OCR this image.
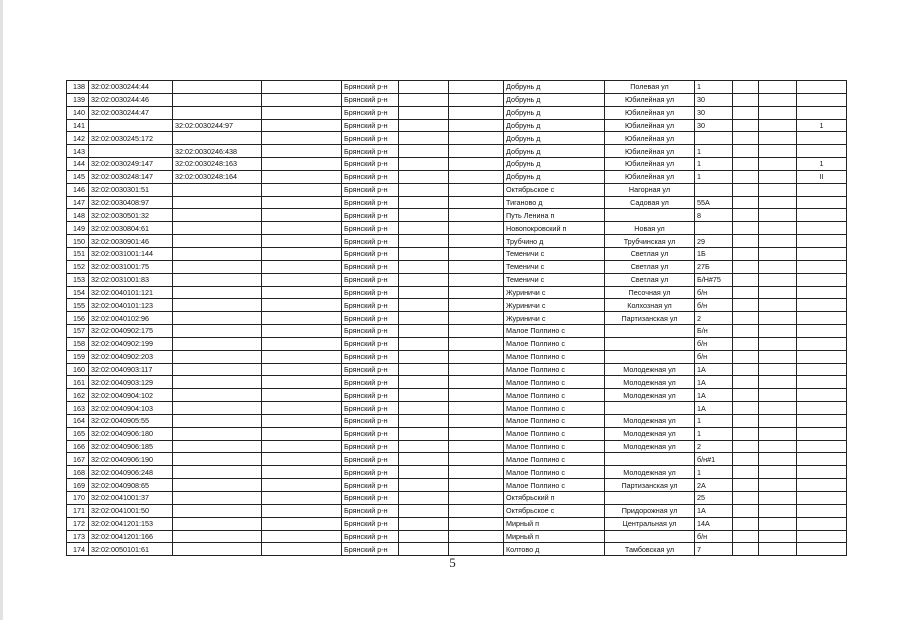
138	32:02:0030244:44			Брянский р-н			Добрунь д	Полевая ул	1			
139	32:02:0030244:46			Брянский р-н			Добрунь д	Юбилейная ул	30			
140	32:02:0030244:47			Брянский р-н			Добрунь д	Юбилейная ул	30			
141		32:02:0030244:97		Брянский р-н			Добрунь д	Юбилейная ул	30			1
142	32:02:0030245:172			Брянский р-н			Добрунь д	Юбилейная ул				
143		32:02:0030246:438		Брянский р-н			Добрунь д	Юбилейная ул	1			
144	32:02:0030249:147	32:02:0030248:163		Брянский р-н			Добрунь д	Юбилейная ул	1			1
145	32:02:0030248:147	32:02:0030248:164		Брянский р-н			Добрунь д	Юбилейная ул	1			II
146	32:02:0030301:51			Брянский р-н			Октябрьское с	Нагорная ул				
147	32:02:0030408:97			Брянский р-н			Тиганово д	Садовая ул	55А			
148	32:02:0030501:32			Брянский р-н			Путь Ленина п		8			
149	32:02:0030804:61			Брянский р-н			Новопокровский п	Новая ул				
150	32:02:0030901:46			Брянский р-н			Трубчино д	Трубчинская ул	29			
151	32:02:0031001:144			Брянский р-н			Теменичи с	Светлая ул	1Б			
152	32:02:0031001:75			Брянский р-н			Теменичи с	Светлая ул	27Б			
153	32:02:0031001:83			Брянский р-н			Теменичи с	Светлая ул	Б/Н#75			
154	32:02:0040101:121			Брянский р-н			Журиничи с	Песочная ул	б/н			
155	32:02:0040101:123			Брянский р-н			Журиничи с	Колхозная ул	б/н			
156	32:02:0040102:96			Брянский р-н			Журиничи с	Партизанская ул	2			
157	32:02:0040902:175			Брянский р-н			Малое Полпино с		Б/н			
158	32:02:0040902:199			Брянский р-н			Малое Полпино с		б/н			
159	32:02:0040902:203			Брянский р-н			Малое Полпино с		б/н			
160	32:02:0040903:117			Брянский р-н			Малое Полпино с	Молодежная ул	1А			
161	32:02:0040903:129			Брянский р-н			Малое Полпино с	Молодежная ул	1А			
162	32:02:0040904:102			Брянский р-н			Малое Полпино с	Молодежная ул	1А			
163	32:02:0040904:103			Брянский р-н			Малое Полпино с		1А			
164	32:02:0040905:55			Брянский р-н			Малое Полпино с	Молодежная ул	1			
165	32:02:0040906:180			Брянский р-н			Малое Полпино с	Молодежная ул	1			
166	32:02:0040906:185			Брянский р-н			Малое Полпино с	Молодежная ул	2			
167	32:02:0040906:190			Брянский р-н			Малое Полпино с		б/н#1			
168	32:02:0040906:248			Брянский р-н			Малое Полпино с	Молодежная ул	1			
169	32:02:0040908:65			Брянский р-н			Малое Полпино с	Партизанская ул	2А			
170	32:02:0041001:37			Брянский р-н			Октябрьский п		25			
171	32:02:0041001:50			Брянский р-н			Октябрьское с	Придорожная ул	1А			
172	32:02:0041201:153			Брянский р-н			Мирный п	Центральная ул	14А			
173	32:02:0041201:166			Брянский р-н			Мирный п		б/н			
174	32:02:0050101:61			Брянский р-н			Колтово д	Тамбовская ул	7			
5
